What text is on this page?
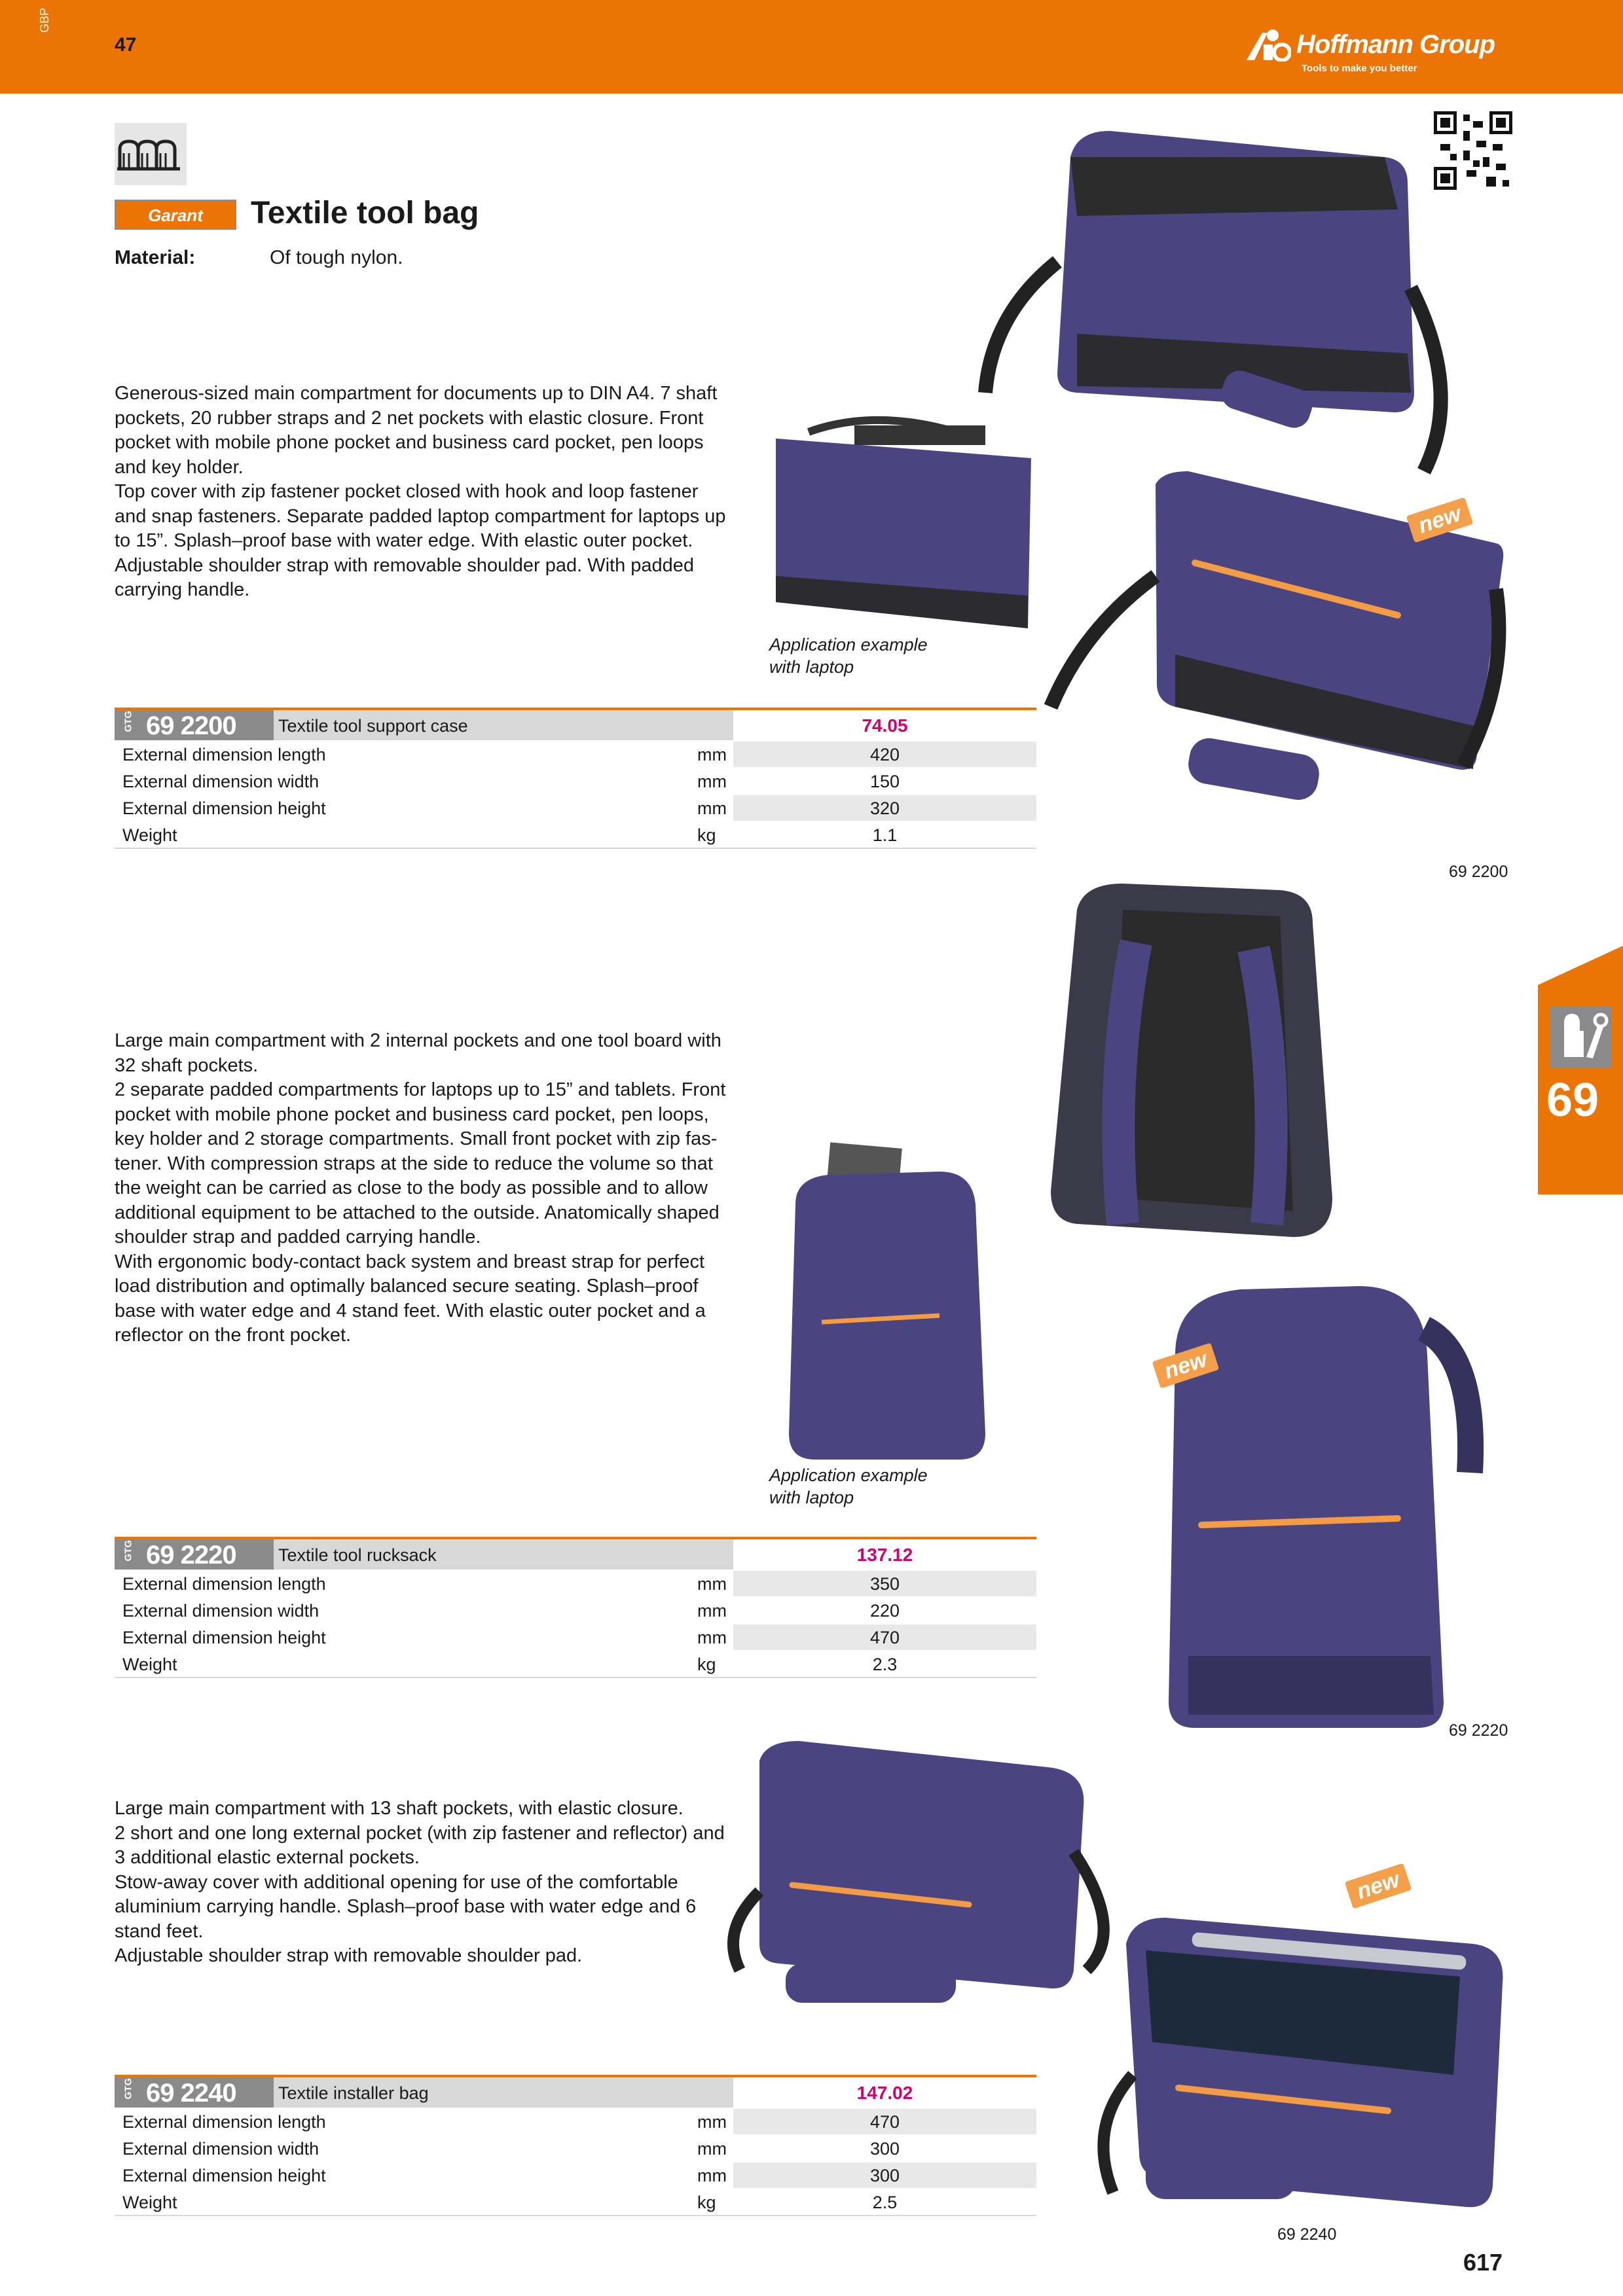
47
GBP
Hoffmann Group
Tools to make you better
Garant	Textile tool bag
Material:	Of tough nylon.
Generous-sized main compartment for documents up to DIN A4. 7 shaft pockets, 20 rubber straps and 2 net pockets with elastic closure. Front pocket with mobile phone pocket and business card pocket, pen loops and key holder.
Top cover with zip fastener pocket closed with hook and loop fastener and snap fasteners. Separate padded laptop compartment for laptops up to 15”. Splash–proof base with water edge. With elastic outer pocket. Adjustable shoulder strap with removable shoulder pad. With padded carrying handle.
Large main compartment with 2 internal pockets and one tool board with 32 shaft pockets.
2 separate padded compartments for laptops up to 15” and tablets. Front pocket with mobile phone pocket and business card pocket, pen loops, key holder and 2 storage compartments. Small front pocket with zip fas-tener. With compression straps at the side to reduce the volume so that the weight can be carried as close to the body as possible and to allow additional equipment to be attached to the outside. Anatomically shaped shoulder strap and padded carrying handle.
With ergonomic body-contact back system and breast strap for perfect load distribution and optimally balanced secure seating. Splash–proof base with water edge and 4 stand feet. With elastic outer pocket and a reflector on the front pocket.
Large main compartment with 13 shaft pockets, with elastic closure.
2 short and one long external pocket (with zip fastener and reflector) and 3 additional elastic external pockets.
Stow-away cover with additional opening for use of the comfortable aluminium carrying handle. Splash–proof base with water edge and 6 stand feet.
Adjustable shoulder strap with removable shoulder pad.
Application example
with laptop
Application example
with laptop
new
new
new
GTG 69 2200 Textile tool support case	74.05
External dimension length	mm	420
External dimension width	mm	150
External dimension height	mm	320
Weight	kg	1.1
GTG 69 2220 Textile tool rucksack	137.12
External dimension length	mm	350
External dimension width	mm	220
External dimension height	mm	470
Weight	kg	2.3
GTG 69 2240 Textile installer bag	147.02
External dimension length	mm	470
External dimension width	mm	300
External dimension height	mm	300
Weight	kg	2.5
69 2200
69 2220
69 2240
69
617
